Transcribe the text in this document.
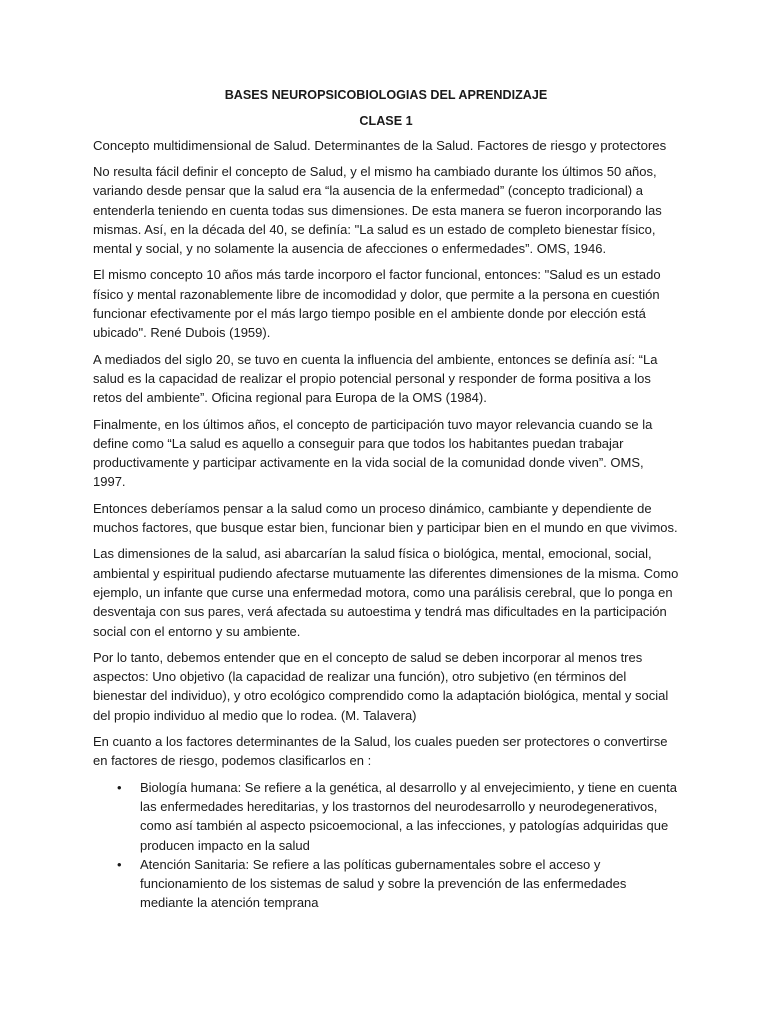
BASES NEUROPSICOBIOLOGIAS DEL APRENDIZAJE
CLASE 1
Concepto multidimensional de Salud. Determinantes de la Salud. Factores de riesgo y protectores

No resulta fácil definir el concepto de Salud, y el mismo ha cambiado durante los últimos 50 años, variando desde pensar que la salud era “la ausencia de la enfermedad” (concepto tradicional) a entenderla teniendo en cuenta todas sus dimensiones. De esta manera se fueron incorporando las mismas. Así, en la década del 40, se definía: "La salud es un estado de completo bienestar físico, mental y social, y no solamente la ausencia de afecciones o enfermedades”. OMS, 1946.

El mismo concepto 10 años más tarde incorporo el factor funcional, entonces: "Salud es un estado físico y mental razonablemente libre de incomodidad y dolor, que permite a la persona en cuestión funcionar efectivamente por el más largo tiempo posible en el ambiente donde por elección está ubicado". René Dubois (1959).

A mediados del siglo 20, se tuvo en cuenta la influencia del ambiente, entonces se definía así: “La salud es la capacidad de realizar el propio potencial personal y responder de forma positiva a los retos del ambiente”. Oficina regional para Europa de la OMS (1984).

Finalmente, en los últimos años, el concepto de participación tuvo mayor relevancia cuando se la define como “La salud es aquello a conseguir para que todos los habitantes puedan trabajar productivamente y participar activamente en la vida social de la comunidad donde viven”. OMS, 1997.

Entonces deberíamos pensar a la salud como un proceso dinámico, cambiante y dependiente de muchos factores, que busque estar bien, funcionar bien y participar bien en el mundo en que vivimos.

Las dimensiones de la salud, asi abarcarían la salud física o biológica, mental, emocional, social, ambiental y espiritual pudiendo afectarse mutuamente las diferentes dimensiones de la misma. Como ejemplo, un infante que curse una enfermedad motora, como una parálisis cerebral, que lo ponga en desventaja con sus pares, verá afectada su autoestima y tendrá mas dificultades en la participación social con el entorno y su ambiente.

Por lo tanto, debemos entender que en el concepto de salud se deben incorporar al menos tres aspectos: Uno objetivo (la capacidad de realizar una función), otro subjetivo (en términos del bienestar del individuo), y otro ecológico comprendido como la adaptación biológica, mental y social del propio individuo al medio que lo rodea. (M. Talavera)

En cuanto a los factores determinantes de la Salud, los cuales pueden ser protectores o convertirse en factores de riesgo, podemos clasificarlos en :

• Biología humana: Se refiere a la genética, al desarrollo y al envejecimiento, y tiene en cuenta las enfermedades hereditarias, y los trastornos del neurodesarrollo y neurodegenerativos, como así también al aspecto psicoemocional, a las infecciones, y patologías adquiridas que producen impacto en la salud
• Atención Sanitaria: Se refiere a las políticas gubernamentales sobre el acceso y funcionamiento de los sistemas de salud y sobre la prevención de las enfermedades mediante la atención temprana
